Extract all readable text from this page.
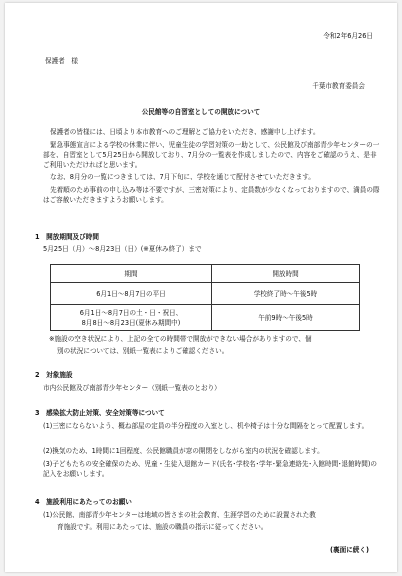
令和2年6月26日
保護者　様
千葉市教育委員会
公民館等の自習室としての開放について
保護者の皆様には、日頃より本市教育へのご理解とご協力をいただき、感謝申し上げます。
緊急事態宣言による学校の休業に伴い、児童生徒の学習対策の一助として、公民館及び南部青少年センターの一部を、自習室として5月25日から開放しており、7月分の一覧表を作成しましたので、内容をご確認のうえ、是非ご利用いただければと思います。
なお、8月分の一覧につきましては、7月下旬に、学校を通じて配付させていただきます。
先着順のため事前の申し込み等は不要ですが、三密対策により、定員数が少なくなっておりますので、満員の際はご容赦いただきますようお願いします。
1　開放期間及び時間
5月25日（月）～8月23日（日）(※夏休み終了）まで
期間	開放時間
6月1日～8月7日の平日	学校終了時～午後5時

6月1日～8月7日の土・日・祝日、
8月8日～8月23日(夏休み期間中)	午前9時～午後5時
※施設の空き状況により、上記の全ての時間帯で開放ができない場合がありますので、個
別の状況については、別紙一覧表によりご確認ください。
2　対象施設
市内公民館及び南部青少年センター（別紙一覧表のとおり）
3　感染拡大防止対策、安全対策等について
(1)三密にならないよう、概ね部屋の定員の半分程度の入室とし、机や椅子は十分な間隔をとって配置します。
(2)換気のため、1時間に1回程度、公民館職員が窓の開閉をしながら室内の状況を確認します。
(3)子どもたちの安全確保のため、児童・生徒入退館カード(氏名･学校名･学年･緊急連絡先･入館時間･退館時間)の記入をお願いします。
4　施設利用にあたってのお願い
(1)公民館、南部青少年センターは地域の皆さまの社会教育、生涯学習のために設置された教
育施設です。利用にあたっては、施設の職員の指示に従ってください。
(裏面に続く)
